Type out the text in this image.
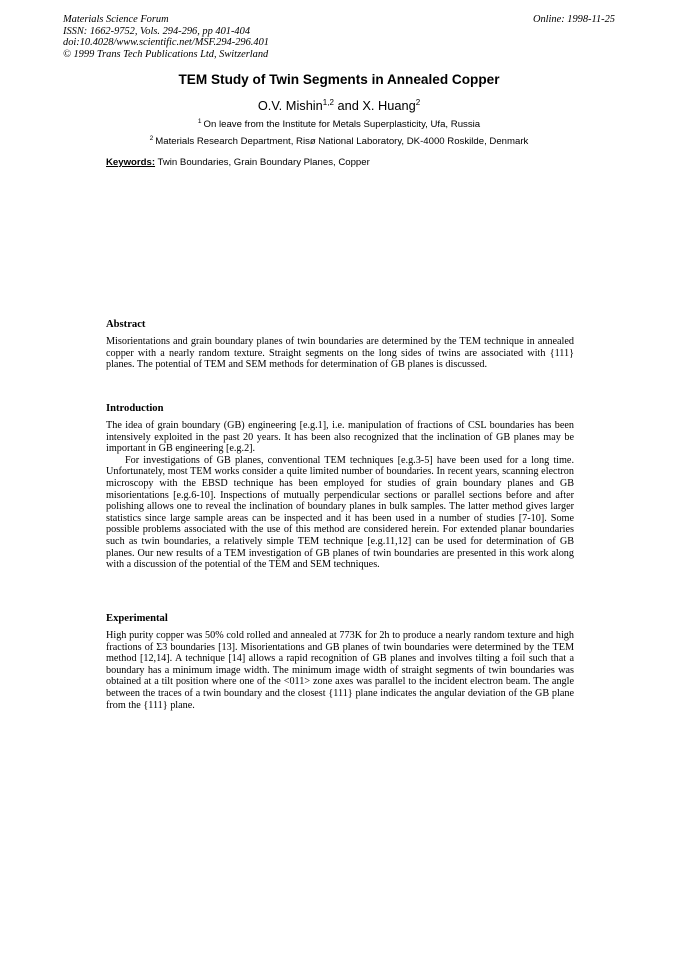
Materials Science Forum
ISSN: 1662-9752, Vols. 294-296, pp 401-404
doi:10.4028/www.scientific.net/MSF.294-296.401
© 1999 Trans Tech Publications Ltd, Switzerland
Online: 1998-11-25
TEM Study of Twin Segments in Annealed Copper
O.V. Mishin$^{1,2}$ and X. Huang$^2$
$^1$ On leave from the Institute for Metals Superplasticity, Ufa, Russia
$^2$ Materials Research Department, Risø National Laboratory, DK-4000 Roskilde, Denmark
Keywords: Twin Boundaries, Grain Boundary Planes, Copper
Abstract

Misorientations and grain boundary planes of twin boundaries are determined by the TEM technique in annealed copper with a nearly random texture. Straight segments on the long sides of twins are associated with {111} planes. The potential of TEM and SEM methods for determination of GB planes is discussed.

Introduction

The idea of grain boundary (GB) engineering [e.g.1], i.e. manipulation of fractions of CSL boundaries has been intensively exploited in the past 20 years. It has been also recognized that the inclination of GB planes may be important in GB engineering [e.g.2].

For investigations of GB planes, conventional TEM techniques [e.g.3-5] have been used for a long time. Unfortunately, most TEM works consider a quite limited number of boundaries. In recent years, scanning electron microscopy with the EBSD technique has been employed for studies of grain boundary planes and GB misorientations [e.g.6-10]. Inspections of mutually perpendicular sections or parallel sections before and after polishing allows one to reveal the inclination of boundary planes in bulk samples. The latter method gives larger statistics since large sample areas can be inspected and it has been used in a number of studies [7-10]. Some possible problems associated with the use of this method are considered herein. For extended planar boundaries such as twin boundaries, a relatively simple TEM technique [e.g.11,12] can be used for determination of GB planes. Our new results of a TEM investigation of GB planes of twin boundaries are presented in this work along with a discussion of the potential of the TEM and SEM techniques.

Experimental

High purity copper was 50% cold rolled and annealed at 773K for 2h to produce a nearly random texture and high fractions of Σ3 boundaries [13]. Misorientations and GB planes of twin boundaries were determined by the TEM method [12,14]. A technique [14] allows a rapid recognition of GB planes and involves tilting a foil such that a boundary has a minimum image width. The minimum image width of straight segments of twin boundaries was obtained at a tilt position where one of the <011> zone axes was parallel to the incident electron beam. The angle between the traces of a twin boundary and the closest {111} plane indicates the angular deviation of the GB plane from the {111} plane.
